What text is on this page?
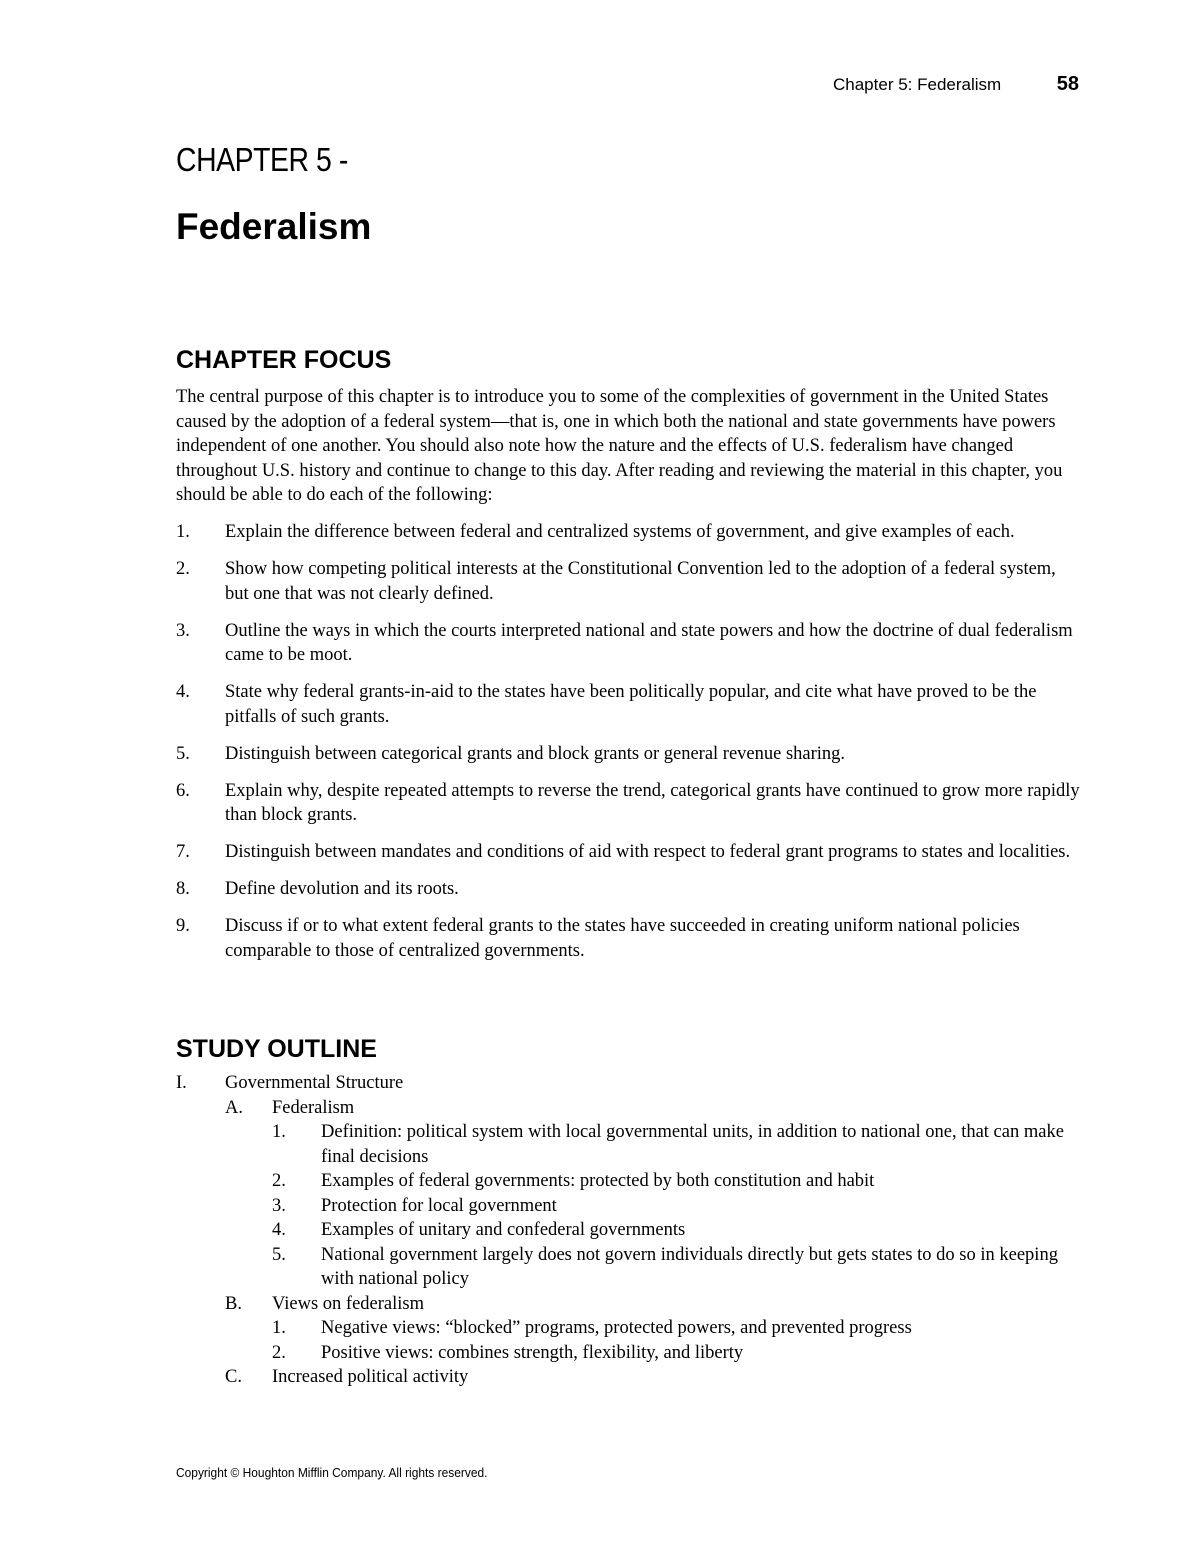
Chapter 5: Federalism	58
CHAPTER 5 -
Federalism
CHAPTER FOCUS

The central purpose of this chapter is to introduce you to some of the complexities of government in the United States caused by the adoption of a federal system—that is, one in which both the national and state governments have powers independent of one another. You should also note how the nature and the effects of U.S. federalism have changed throughout U.S. history and continue to change to this day. After reading and reviewing the material in this chapter, you should be able to do each of the following:

1. Explain the difference between federal and centralized systems of government, and give examples of each.
2. Show how competing political interests at the Constitutional Convention led to the adoption of a federal system, but one that was not clearly defined.
3. Outline the ways in which the courts interpreted national and state powers and how the doctrine of dual federalism came to be moot.
4. State why federal grants-in-aid to the states have been politically popular, and cite what have proved to be the pitfalls of such grants.
5. Distinguish between categorical grants and block grants or general revenue sharing.
6. Explain why, despite repeated attempts to reverse the trend, categorical grants have continued to grow more rapidly than block grants.
7. Distinguish between mandates and conditions of aid with respect to federal grant programs to states and localities.
8. Define devolution and its roots.
9. Discuss if or to what extent federal grants to the states have succeeded in creating uniform national policies comparable to those of centralized governments.
STUDY OUTLINE
I. Governmental Structure
A. Federalism
1. Definition: political system with local governmental units, in addition to national one, that can make final decisions
2. Examples of federal governments: protected by both constitution and habit
3. Protection for local government
4. Examples of unitary and confederal governments
5. National government largely does not govern individuals directly but gets states to do so in keeping with national policy
B. Views on federalism
1. Negative views: “blocked” programs, protected powers, and prevented progress
2. Positive views: combines strength, flexibility, and liberty
C. Increased political activity
Copyright © Houghton Mifflin Company. All rights reserved.
